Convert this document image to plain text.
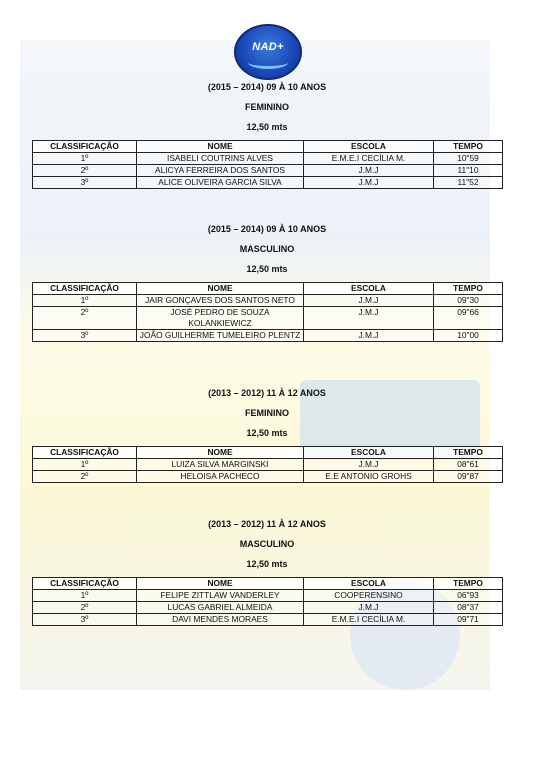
NAD+

(2015 – 2014) 09 À 10 ANOS

FEMININO

12,50 mts

CLASSIFICAÇÃO	NOME	ESCOLA	TEMPO
1º	ISABELI COUTRINS ALVES	E.M.E.I CECÍLIA M.	10"59
2º	ALICYA FERREIRA DOS SANTOS	J.M.J	11"10
3º	ALICE OLIVEIRA GARCIA SILVA	J.M.J	11"52

(2015 – 2014) 09 À 10 ANOS

MASCULINO

12,50 mts

CLASSIFICAÇÃO	NOME	ESCOLA	TEMPO
1º	JAIR GONÇAVES DOS SANTOS NETO	J.M.J	09"30
2º	JOSÉ PEDRO DE SOUZA KOLANKIEWICZ	J.M.J	09"66
3º	JOÃO GUILHERME TUMELEIRO PLENTZ	J.M.J	10"00

(2013 – 2012) 11 À 12 ANOS

FEMININO

12,50 mts

CLASSIFICAÇÃO	NOME	ESCOLA	TEMPO
1º	LUIZA SILVA MARGINSKI	J.M.J	08"61
2º	HELOISA PACHECO	E.E ANTONIO GROHS	09"87

(2013 – 2012) 11 À 12 ANOS

MASCULINO

12,50 mts

CLASSIFICAÇÃO	NOME	ESCOLA	TEMPO
1º	FELIPE ZITTLAW VANDERLEY	COOPERENSINO	06"93
2º	LUCAS GABRIEL ALMEIDA	J.M.J	08"37
3º	DAVI MENDES MORAES	E.M.E.I CECÍLIA M.	09"71
